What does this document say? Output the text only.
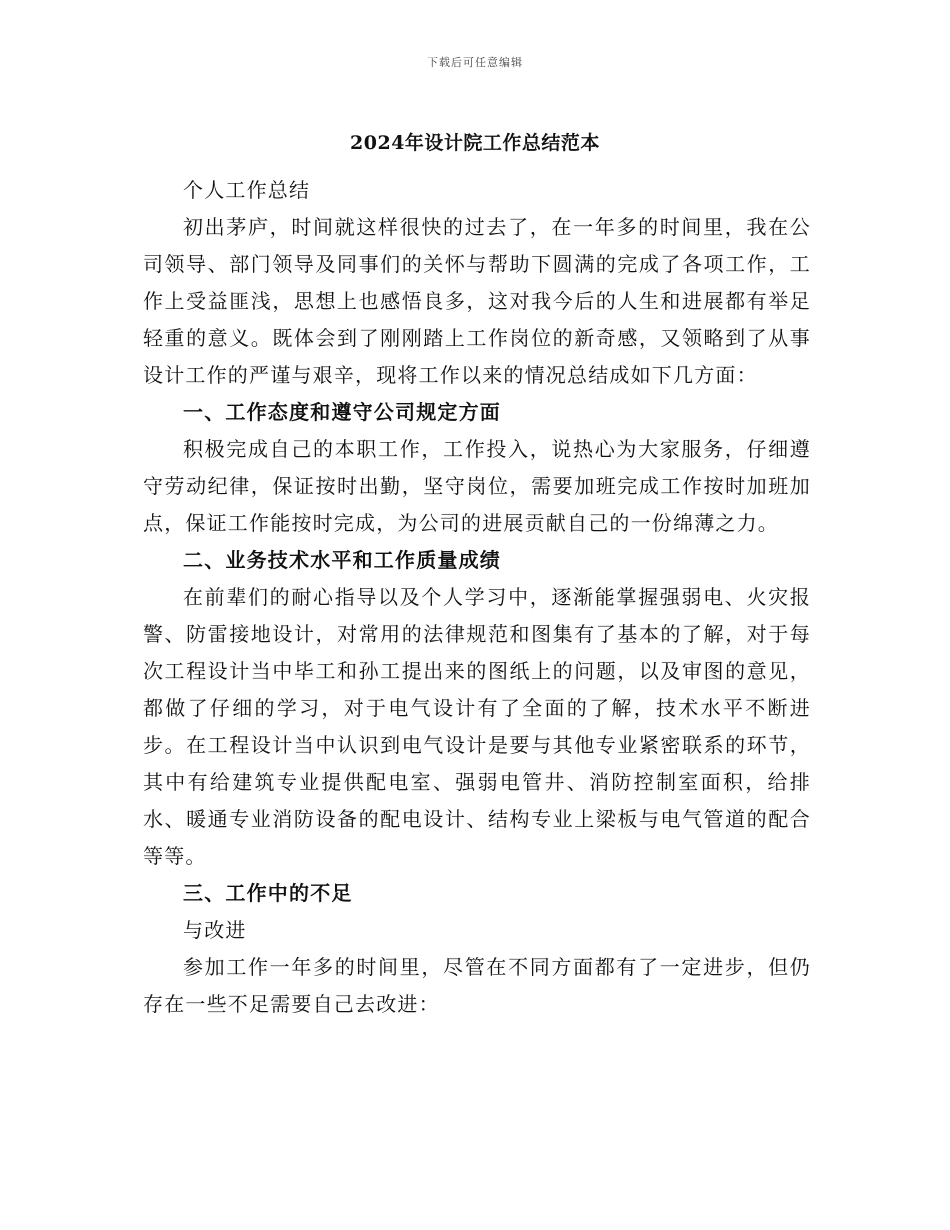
下载后可任意编辑
2024年设计院工作总结范本

个人工作总结

初出茅庐，时间就这样很快的过去了，在一年多的时间里，我在公司领导、部门领导及同事们的关怀与帮助下圆满的完成了各项工作，工作上受益匪浅，思想上也感悟良多，这对我今后的人生和进展都有举足轻重的意义。既体会到了刚刚踏上工作岗位的新奇感，又领略到了从事设计工作的严谨与艰辛，现将工作以来的情况总结成如下几方面：

一、工作态度和遵守公司规定方面

积极完成自己的本职工作，工作投入，说热心为大家服务，仔细遵守劳动纪律，保证按时出勤，坚守岗位，需要加班完成工作按时加班加点，保证工作能按时完成，为公司的进展贡献自己的一份绵薄之力。

二、业务技术水平和工作质量成绩

在前辈们的耐心指导以及个人学习中，逐渐能掌握强弱电、火灾报警、防雷接地设计，对常用的法律规范和图集有了基本的了解，对于每次工程设计当中毕工和孙工提出来的图纸上的问题，以及审图的意见，都做了仔细的学习，对于电气设计有了全面的了解，技术水平不断进步。在工程设计当中认识到电气设计是要与其他专业紧密联系的环节，其中有给建筑专业提供配电室、强弱电管井、消防控制室面积，给排水、暖通专业消防设备的配电设计、结构专业上梁板与电气管道的配合等等。

三、工作中的不足

与改进

参加工作一年多的时间里，尽管在不同方面都有了一定进步，但仍存在一些不足需要自己去改进：
